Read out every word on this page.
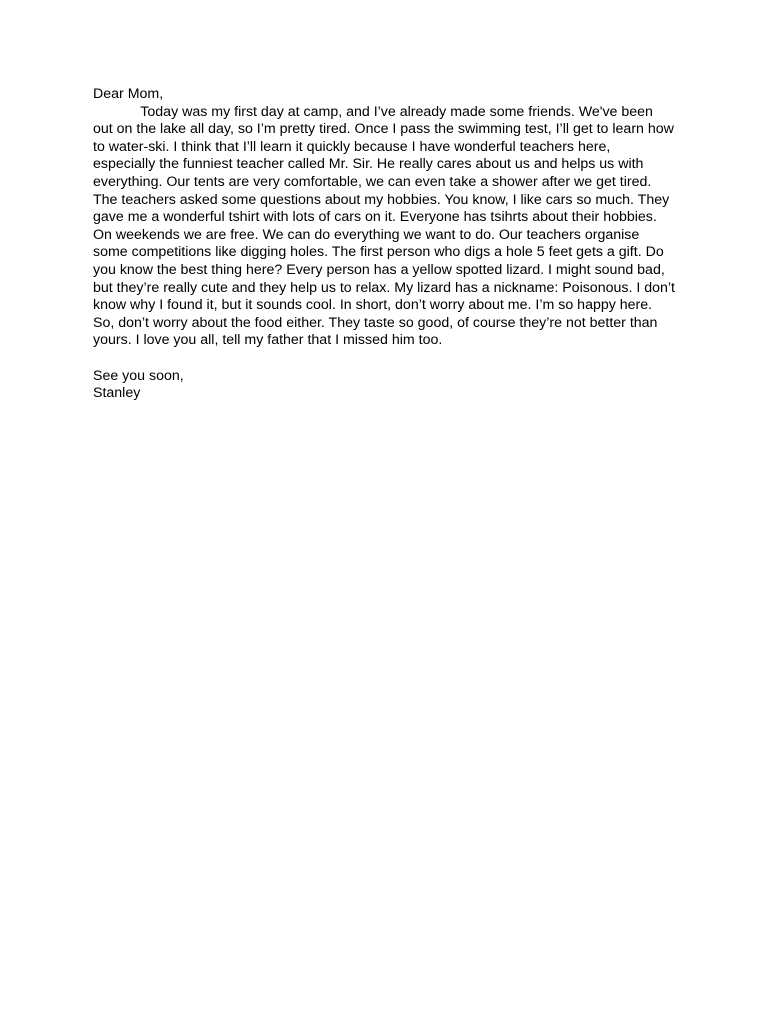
Dear Mom,
Today was my first day at camp, and I’ve already made some friends. We've been
out on the lake all day, so I’m pretty tired. Once I pass the swimming test, I’ll get to learn how
to water-ski. I think that I’ll learn it quickly because I have wonderful teachers here,
especially the funniest teacher called Mr. Sir. He really cares about us and helps us with
everything. Our tents are very comfortable, we can even take a shower after we get tired.
The teachers asked some questions about my hobbies. You know, I like cars so much. They
gave me a wonderful tshirt with lots of cars on it. Everyone has tsihrts about their hobbies.
On weekends we are free. We can do everything we want to do. Our teachers organise
some competitions like digging holes. The first person who digs a hole 5 feet gets a gift. Do
you know the best thing here? Every person has a yellow spotted lizard. I might sound bad,
but they’re really cute and they help us to relax. My lizard has a nickname: Poisonous. I don’t
know why I found it, but it sounds cool. In short, don’t worry about me. I’m so happy here.
So, don’t worry about the food either. They taste so good, of course they’re not better than
yours. I love you all, tell my father that I missed him too.
See you soon,
Stanley
